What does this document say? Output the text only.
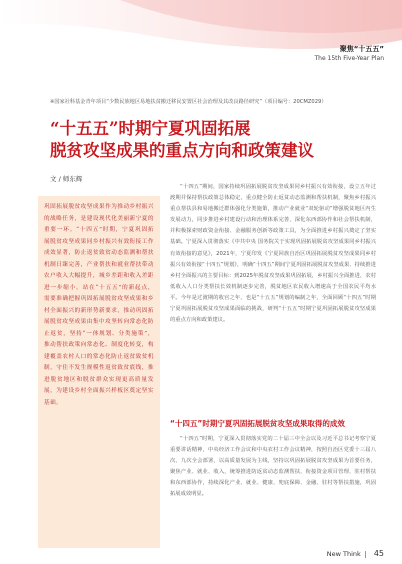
聚焦“十五五”
The 15th Five-Year Plan
※国家社科基金青年项目“少数民族地区易地扶贫搬迁移民安置区社会治理及其改良路径研究”（项目编号：20CMZ029）
“十五五”时期宁夏巩固拓展
脱贫攻坚成果的重点方向和政策建议
文 / 师东辉

巩固拓展脱贫攻坚成果作为推动乡村振兴的战略任务，是建设现代化美丽新宁夏的重要一环。“十四五”时期，宁夏巩固拓展脱贫攻坚成果同乡村振兴有效衔接工作成效显著，防止返贫致贫动态监测和帮扶机制日臻完善，产业帮扶和就业帮扶带动农户收入大幅提升，城乡差距和收入差距进一步缩小。站在“十五五”的新起点，需要准确把握巩固拓展脱贫攻坚成果和乡村全面振兴的新形势新要求，推动巩固拓展脱贫攻坚成果由集中攻坚转向常态化防止返贫，坚持“一体规划、分类施策”，推动帮扶政策向常态化、制度化转变，构建覆盖农村人口的常态化防止返贫致贫机制，守住不发生规模性返贫致贫底线，推进脱贫地区和脱贫群众实现更高质量发展，为建设乡村全面振兴样板区奠定坚实基础。

“十四五”期间，国家持续巩固拓展脱贫攻坚成果同乡村振兴有效衔接，设立五年过渡期并保持帮扶政策总体稳定，重点健全防止返贫动态监测和帮扶机制，聚焦乡村振兴重点帮扶县和易地搬迁群体强化分类施策，推动产业就业“双轮驱动”增强脱贫地区内生发展动力，同步推进乡村建设行动和治理体系完善，深化东西部协作和社会帮扶机制，并积极探索财政资金衔接、金融服务创新等政策工具，为全面推进乡村振兴奠定了坚实基础。宁夏深入贯彻落实《中共中央 国务院关于实现巩固拓展脱贫攻坚成果同乡村振兴有效衔接的意见》，2021年，宁夏印发《宁夏回族自治区巩固拓展脱贫攻坚成果同乡村振兴有效衔接“十四五”规划》，明确“十四五”期间宁夏巩固拓展脱贫攻坚成果、持续推进乡村全面振兴的主要目标：到2025年脱贫攻坚成果巩固拓展，乡村振兴全面推进，农村低收入人口分类帮扶长效机制逐步完善，脱贫地区农民收入增速高于全国农民平均水平。今年是过渡期的收官之年，也是“十五五”规划的编制之年，全面回顾“十四五”时期宁夏巩固拓展脱贫攻坚成果面临的挑战，研判“十五五”时期宁夏巩固拓展脱贫攻坚成果的重点方向和政策建议。

“十四五”时期宁夏巩固拓展脱贫攻坚成果取得的成效

“十四五”时期，宁夏深入贯彻落实党的二十届三中全会以及习近平总书记考察宁夏重要讲话精神，中央经济工作会议和中央农村工作会议精神，按照自治区党委十三届八次、九次全会部署，以高质量发展为主线，坚持以巩固拓展脱贫攻坚成果为首要任务，聚焦产业、就业、收入，统筹推进防返贫动态监测帮扶、衔接资金项目管理、驻村帮扶和东西部协作，持续深化产业、就业、健康、兜底保障、金融、驻村等帮扶措施，巩固拓展成效明显。

New Think 45
